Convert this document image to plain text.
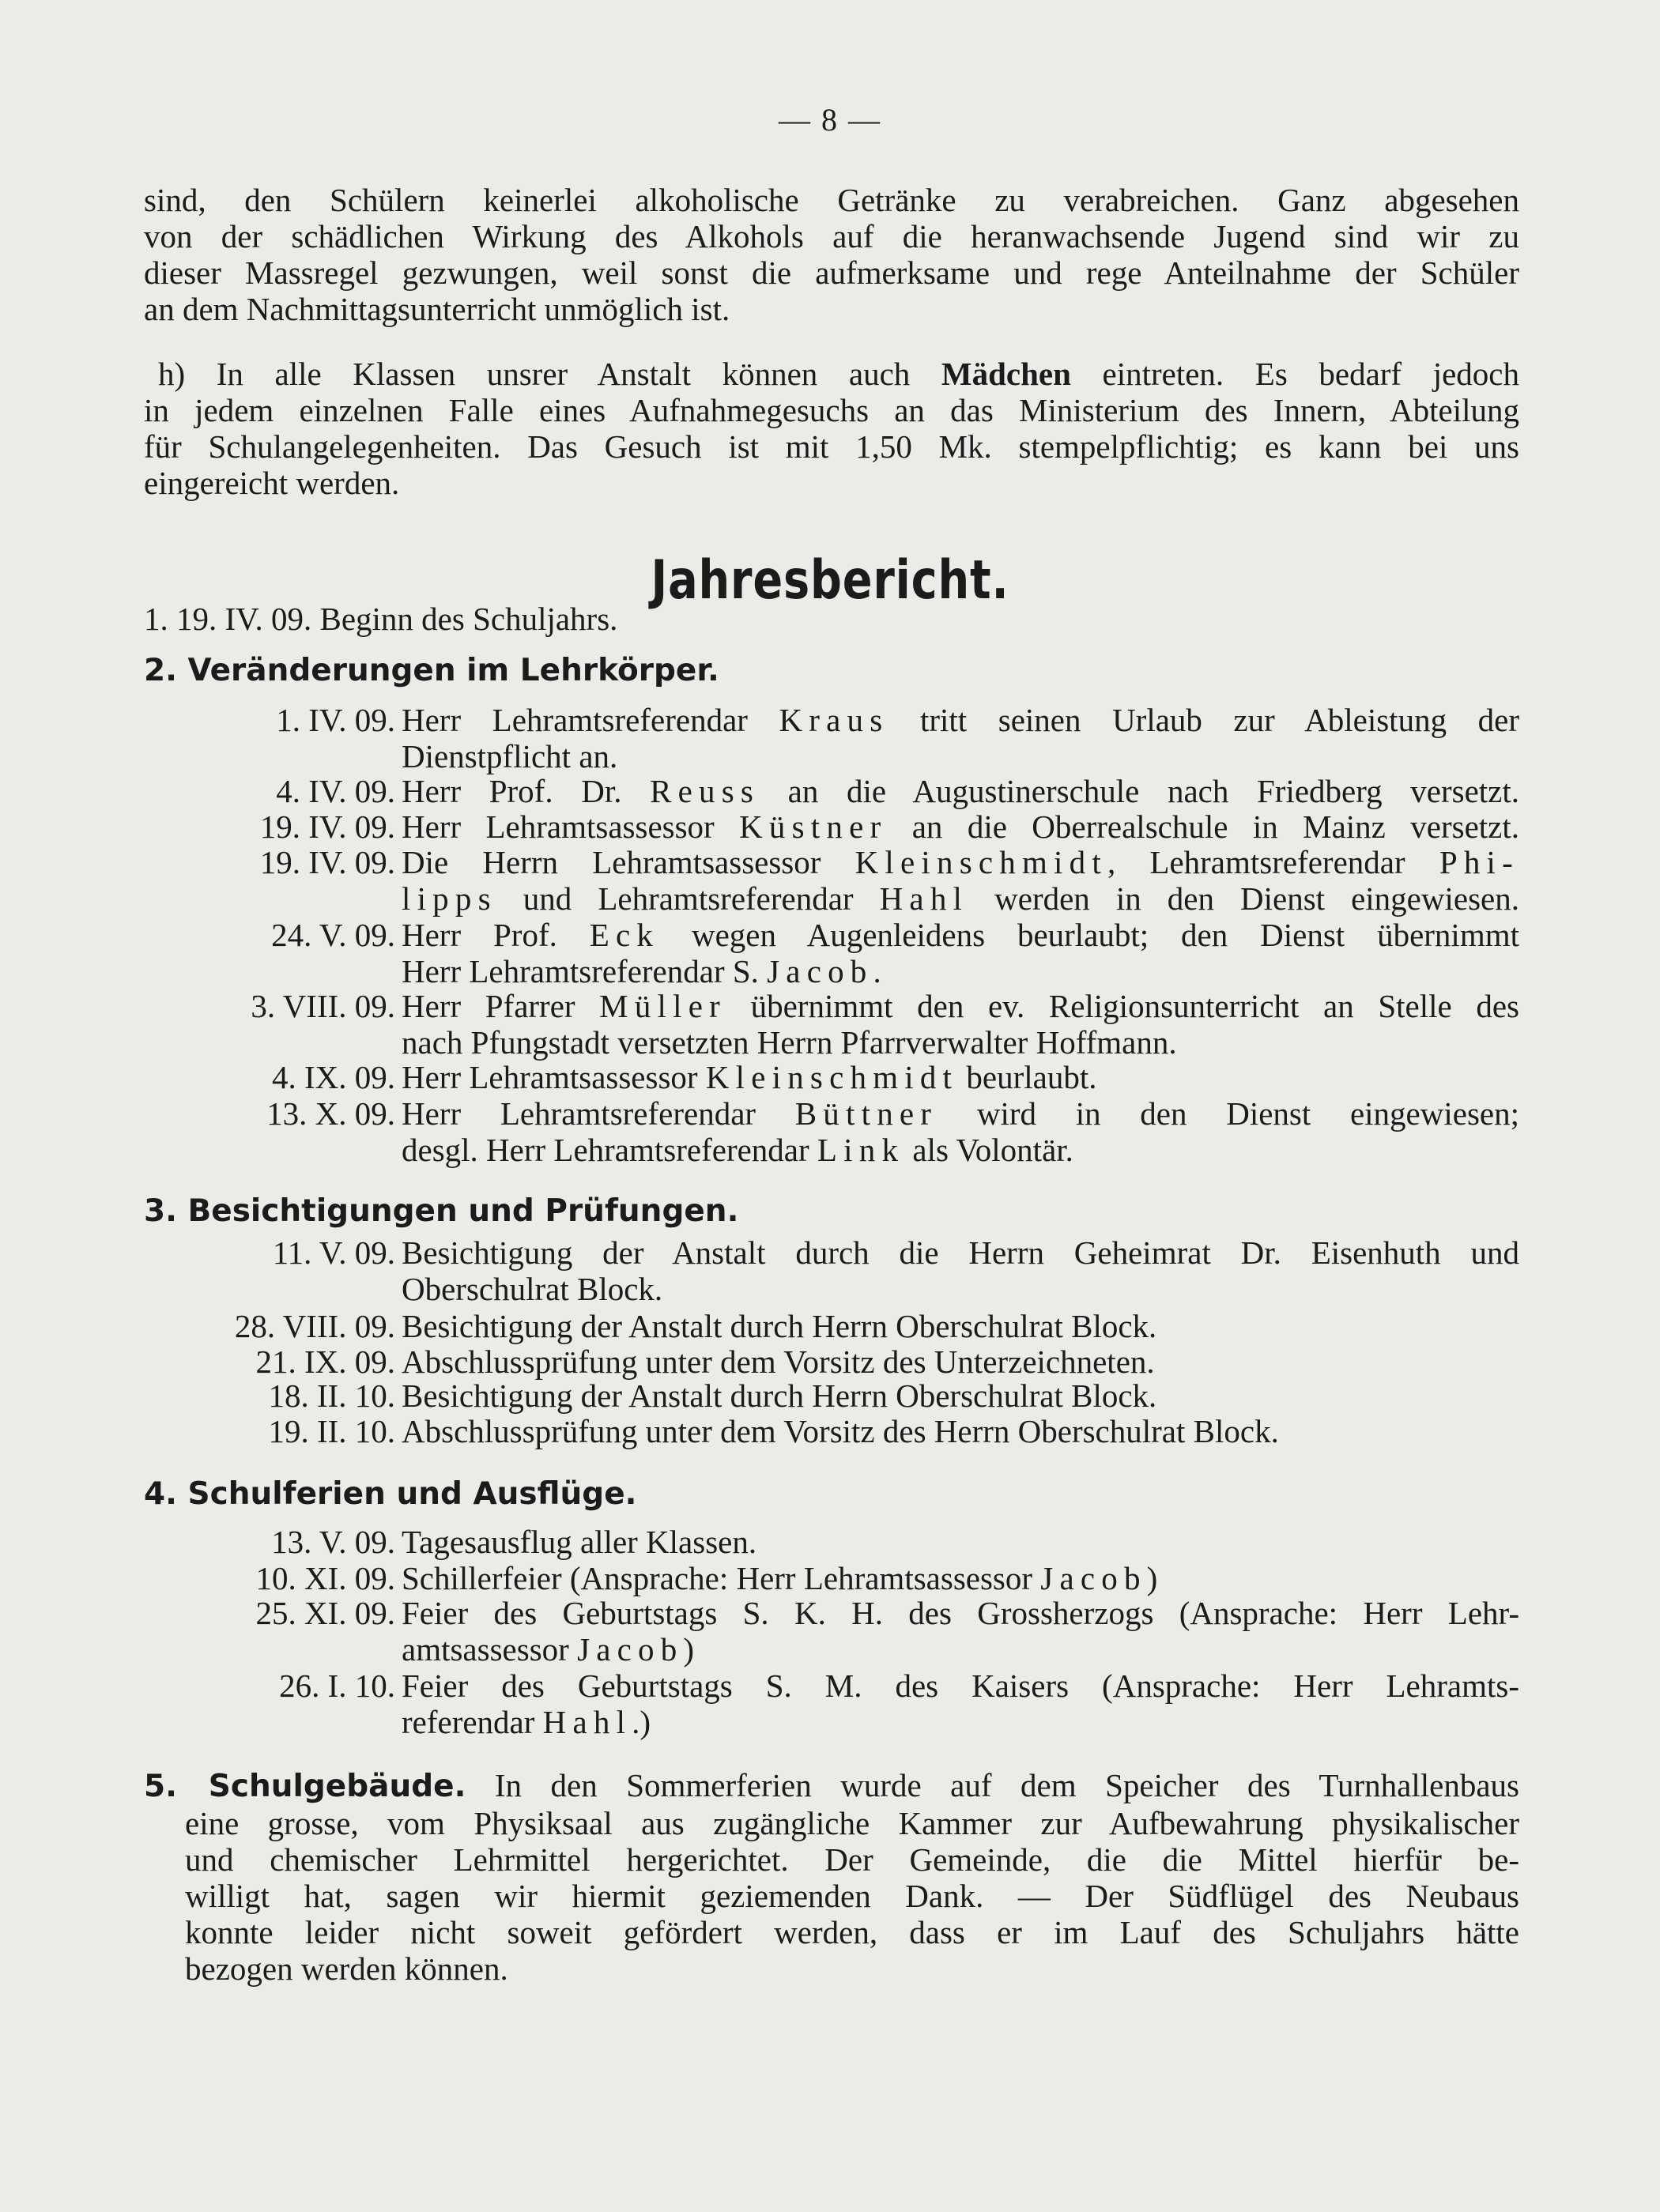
— 8 —
sind, den Schülern keinerlei alkoholische Getränke zu verabreichen. Ganz abgesehen
von der schädlichen Wirkung des Alkohols auf die heranwachsende Jugend sind wir zu
dieser Massregel gezwungen, weil sonst die aufmerksame und rege Anteilnahme der Schüler
an dem Nachmittagsunterricht unmöglich ist.
h) In alle Klassen unsrer Anstalt können auch Mädchen eintreten. Es bedarf jedoch
in jedem einzelnen Falle eines Aufnahmegesuchs an das Ministerium des Innern, Abteilung
für Schulangelegenheiten. Das Gesuch ist mit 1,50 Mk. stempelpflichtig; es kann bei uns
eingereicht werden.
Jahresbericht.
1. 19. IV. 09. Beginn des Schuljahrs.
2. Veränderungen im Lehrkörper.
1. IV. 09. Herr Lehramtsreferendar Kraus tritt seinen Urlaub zur Ableistung der
Dienstpflicht an.
4. IV. 09. Herr Prof. Dr. Reuss an die Augustinerschule nach Friedberg versetzt.
19. IV. 09. Herr Lehramtsassessor Küstner an die Oberrealschule in Mainz versetzt.
19. IV. 09. Die Herrn Lehramtsassessor Kleinschmidt, Lehramtsreferendar Phi-
lipps und Lehramtsreferendar Hahl werden in den Dienst eingewiesen.
24. V. 09. Herr Prof. Eck wegen Augenleidens beurlaubt; den Dienst übernimmt
Herr Lehramtsreferendar S. Jacob.
3. VIII. 09. Herr Pfarrer Müller übernimmt den ev. Religionsunterricht an Stelle des
nach Pfungstadt versetzten Herrn Pfarrverwalter Hoffmann.
4. IX. 09. Herr Lehramtsassessor Kleinschmidt beurlaubt.
13. X. 09. Herr Lehramtsreferendar Büttner wird in den Dienst eingewiesen;
desgl. Herr Lehramtsreferendar Link als Volontär.
3. Besichtigungen und Prüfungen.
11. V. 09. Besichtigung der Anstalt durch die Herrn Geheimrat Dr. Eisenhuth und
Oberschulrat Block.
28. VIII. 09. Besichtigung der Anstalt durch Herrn Oberschulrat Block.
21. IX. 09. Abschlussprüfung unter dem Vorsitz des Unterzeichneten.
18. II. 10. Besichtigung der Anstalt durch Herrn Oberschulrat Block.
19. II. 10. Abschlussprüfung unter dem Vorsitz des Herrn Oberschulrat Block.
4. Schulferien und Ausflüge.
13. V. 09. Tagesausflug aller Klassen.
10. XI. 09. Schillerfeier (Ansprache: Herr Lehramtsassessor Jacob)
25. XI. 09. Feier des Geburtstags S. K. H. des Grossherzogs (Ansprache: Herr Lehr-
amtsassessor Jacob)
26. I. 10. Feier des Geburtstags S. M. des Kaisers (Ansprache: Herr Lehramts-
referendar Hahl.)
5. Schulgebäude. In den Sommerferien wurde auf dem Speicher des Turnhallenbaus
eine grosse, vom Physiksaal aus zugängliche Kammer zur Aufbewahrung physikalischer
und chemischer Lehrmittel hergerichtet. Der Gemeinde, die die Mittel hierfür be-
willigt hat, sagen wir hiermit geziemenden Dank. — Der Südflügel des Neubaus
konnte leider nicht soweit gefördert werden, dass er im Lauf des Schuljahrs hätte
bezogen werden können.
